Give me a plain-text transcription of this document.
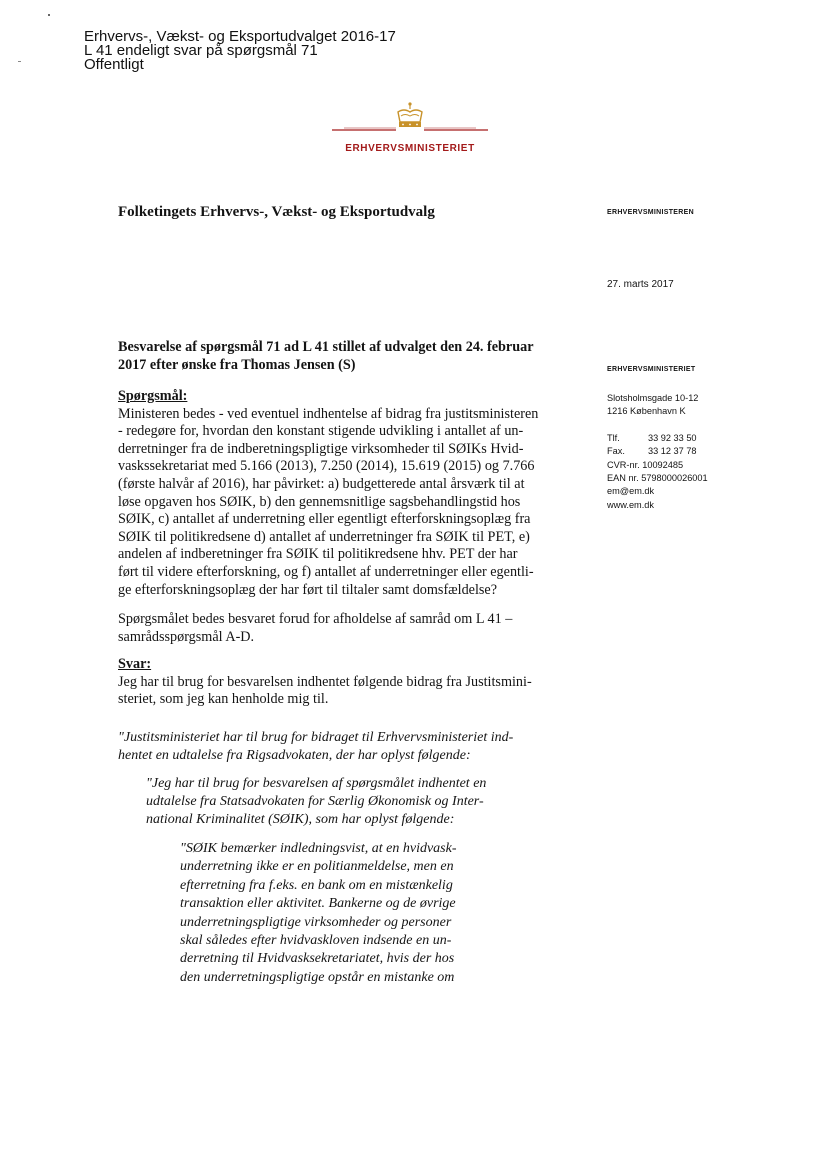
Erhvervs-, Vækst- og Eksportudvalget 2016-17
L 41 endeligt svar på spørgsmål 71
Offentligt
ERHVERVSMINISTERIET
Folketingets Erhvervs-, Vækst- og Eksportudvalg	ERHVERVSMINISTEREN
27. marts 2017
ERHVERVSMINISTERIET
Slotsholmsgade 10-12
1216 København K
Tlf.	33 92 33 50
Fax.	33 12 37 78
CVR-nr. 10092485
EAN nr. 5798000026001
em@em.dk
www.em.dk
Besvarelse af spørgsmål 71 ad L 41 stillet af udvalget den 24. februar
2017 efter ønske fra Thomas Jensen (S)
Spørgsmål:
Ministeren bedes - ved eventuel indhentelse af bidrag fra justitsministeren
- redegøre for, hvordan den konstant stigende udvikling i antallet af un-
derretninger fra de indberetningspligtige virksomheder til SØIKs Hvid-
vaskssekretariat med 5.166 (2013), 7.250 (2014), 15.619 (2015) og 7.766
(første halvår af 2016), har påvirket: a) budgetterede antal årsværk til at
løse opgaven hos SØIK, b) den gennemsnitlige sagsbehandlingstid hos
SØIK, c) antallet af underretning eller egentligt efterforskningsoplæg fra
SØIK til politikredsene d) antallet af underretninger fra SØIK til PET, e)
andelen af indberetninger fra SØIK til politikredsene hhv. PET der har
ført til videre efterforskning, og f) antallet af underretninger eller egentli-
ge efterforskningsoplæg der har ført til tiltaler samt domsfældelse?
Spørgsmålet bedes besvaret forud for afholdelse af samråd om L 41 –
samrådsspørgsmål A-D.
Svar:
Jeg har til brug for besvarelsen indhentet følgende bidrag fra Justitsmini-
steriet, som jeg kan henholde mig til.
"Justitsministeriet har til brug for bidraget til Erhvervsministeriet ind-
hentet en udtalelse fra Rigsadvokaten, der har oplyst følgende:
"Jeg har til brug for besvarelsen af spørgsmålet indhentet en
udtalelse fra Statsadvokaten for Særlig Økonomisk og Inter-
national Kriminalitet (SØIK), som har oplyst følgende:
"SØIK bemærker indledningsvist, at en hvidvask-
underretning ikke er en politianmeldelse, men en
efterretning fra f.eks. en bank om en mistænkelig
transaktion eller aktivitet. Bankerne og de øvrige
underretningspligtige virksomheder og personer
skal således efter hvidvaskloven indsende en un-
derretning til Hvidvasksekretariatet, hvis der hos
den underretningspligtige opstår en mistanke om
